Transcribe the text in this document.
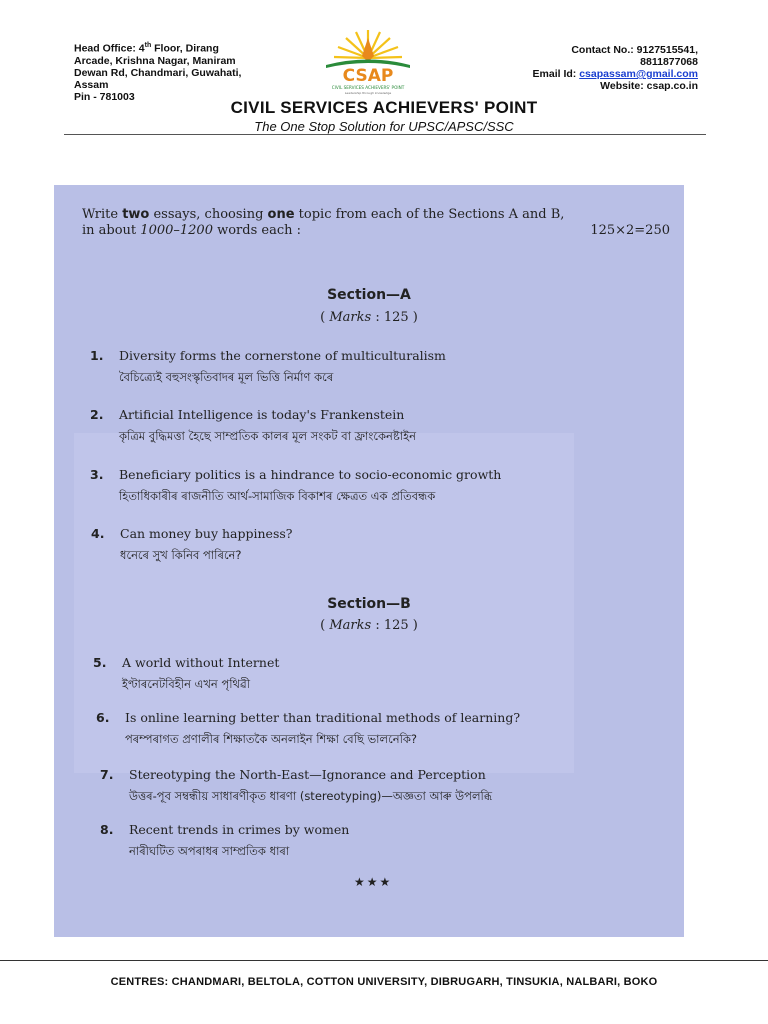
Head Office: 4th Floor, Dirang
Arcade, Krishna Nagar, Maniram
Dewan Rd, Chandmari, Guwahati,
Assam
Pin - 781003
CSAP
CIVIL SERVICES ACHIEVERS' POINT
Leadership through knowledge
Contact No.: 9127515541,
8811877068
Email Id: csapassam@gmail.com
Website: csap.co.in
CIVIL SERVICES ACHIEVERS' POINT
The One Stop Solution for UPSC/APSC/SSC
Write two essays, choosing one topic from each of the Sections A and B,
in about 1000–1200 words each :	125×2=250
Section—A
( Marks : 125 )
1. Diversity forms the cornerstone of multiculturalism
বৈচিত্ৰ্যেই বহুসংস্কৃতিবাদৰ মূল ভিত্তি নির্মাণ কৰে
2. Artificial Intelligence is today's Frankenstein
কৃত্ৰিম বুদ্ধিমত্তা হৈছে সাম্প্ৰতিক কালৰ মূল সংকট বা ফ্ৰাংকেনষ্টাইন
3. Beneficiary politics is a hindrance to socio-economic growth
হিতাধিকাৰীৰ ৰাজনীতি আৰ্থ-সামাজিক বিকাশৰ ক্ষেত্ৰত এক প্ৰতিবন্ধক
4. Can money buy happiness?
ধনেৰে সুখ কিনিব পাৰিনে?
Section—B
( Marks : 125 )
5. A world without Internet
ইণ্টাৰনেটবিহীন এখন পৃথিৱী
6. Is online learning better than traditional methods of learning?
পৰম্পৰাগত প্ৰণালীৰ শিক্ষাতকৈ অনলাইন শিক্ষা বেছি ভালনেকি?
7. Stereotyping the North-East—Ignorance and Perception
উত্তৰ-পূব সম্বন্ধীয় সাধাৰণীকৃত ধাৰণা (stereotyping)—অজ্ঞতা আৰু উপলব্ধি
8. Recent trends in crimes by women
নাৰীঘটিত অপৰাধৰ সাম্প্ৰতিক ধাৰা
★★★
CENTRES: CHANDMARI, BELTOLA, COTTON UNIVERSITY, DIBRUGARH, TINSUKIA, NALBARI, BOKO
